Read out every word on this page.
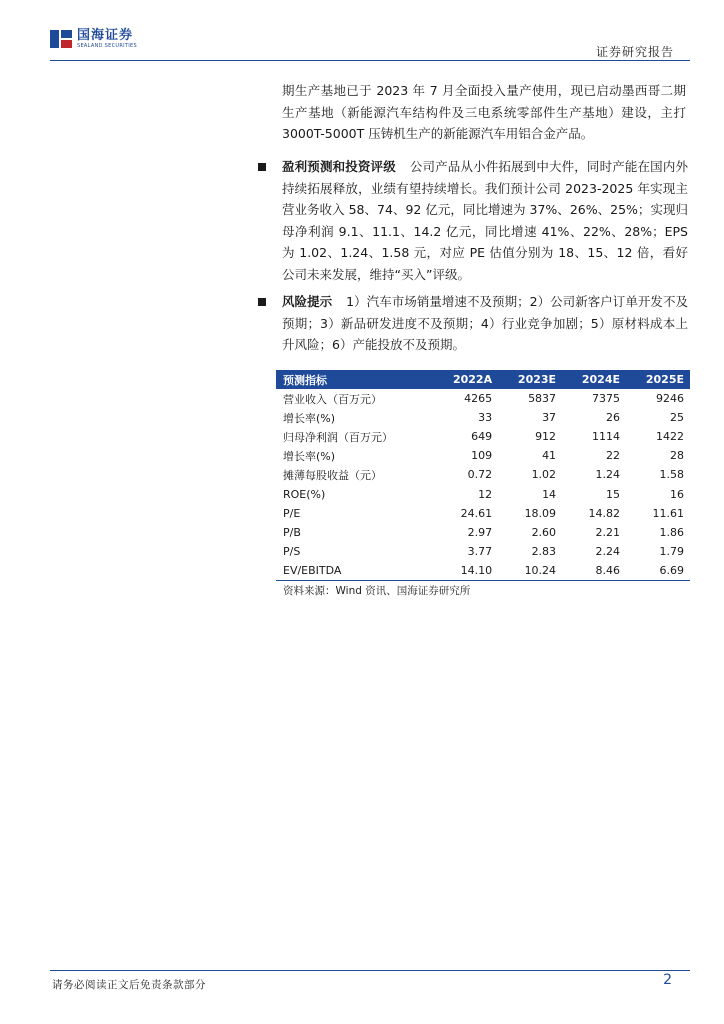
国海证券
SEALAND SECURITIES	证券研究报告
期生产基地已于 2023 年 7 月全面投入量产使用，现已启动墨西哥二期生产基地（新能源汽车结构件及三电系统零部件生产基地）建设，主打 3000T-5000T 压铸机生产的新能源汽车用铝合金产品。
盈利预测和投资评级 公司产品从小件拓展到中大件，同时产能在国内外持续拓展释放，业绩有望持续增长。我们预计公司 2023-2025 年实现主营业务收入 58、74、92 亿元，同比增速为 37%、26%、25%；实现归母净利润 9.1、11.1、14.2 亿元，同比增速 41%、22%、28%；EPS 为 1.02、1.24、1.58 元，对应 PE 估值分别为 18、15、12 倍，看好公司未来发展，维持“买入”评级。
风险提示 1）汽车市场销量增速不及预期；2）公司新客户订单开发不及预期；3）新品研发进度不及预期；4）行业竞争加剧；5）原材料成本上升风险；6）产能投放不及预期。
预测指标	2022A	2023E	2024E	2025E
营业收入（百万元）	4265	5837	7375	9246
增长率(%)	33	37	26	25
归母净利润（百万元）	649	912	1114	1422
增长率(%)	109	41	22	28
摊薄每股收益（元）	0.72	1.02	1.24	1.58
ROE(%)	12	14	15	16
P/E	24.61	18.09	14.82	11.61
P/B	2.97	2.60	2.21	1.86
P/S	3.77	2.83	2.24	1.79
EV/EBITDA	14.10	10.24	8.46	6.69
资料来源：Wind 资讯、国海证券研究所
请务必阅读正文后免责条款部分	2
